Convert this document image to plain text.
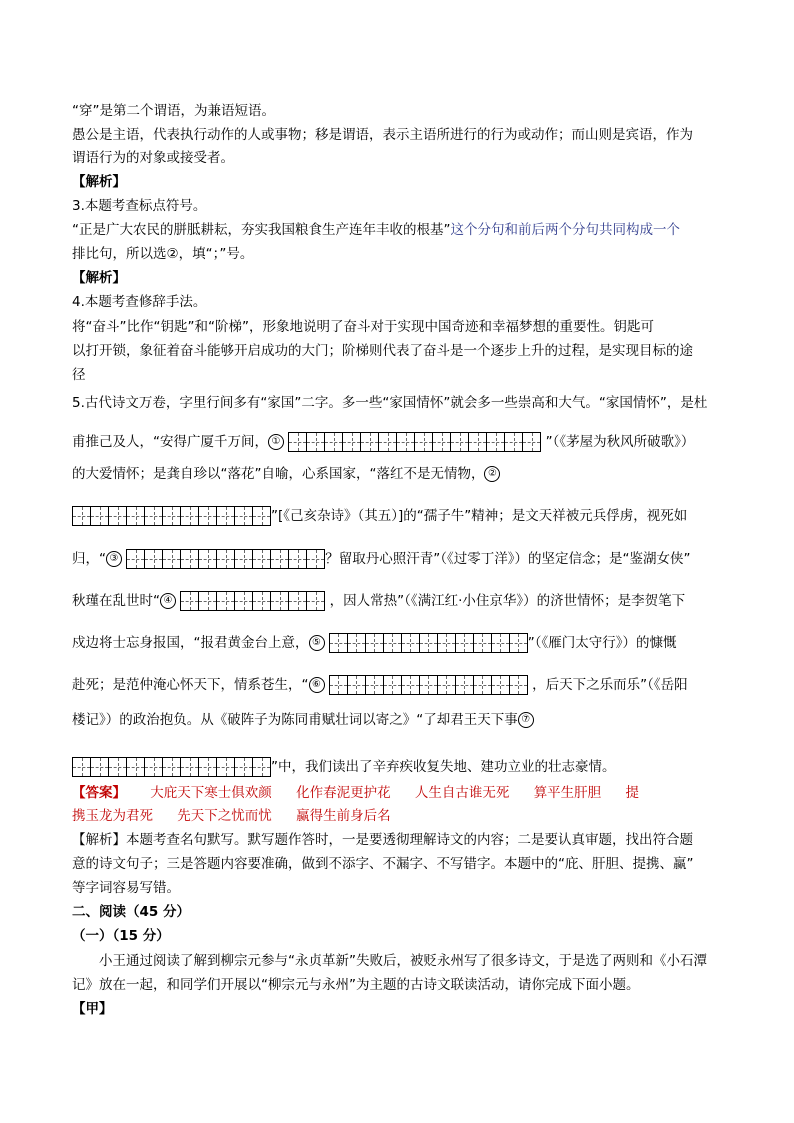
“穿”是第二个谓语，为兼语短语。
愚公是主语，代表执行动作的人或事物；移是谓语，表示主语所进行的行为或动作；而山则是宾语，作为
谓语行为的对象或接受者。
【解析】
3.本题考查标点符号。
“正是广大农民的胼胝耕耘，夯实我国粮食生产连年丰收的根基”这个分句和前后两个分句共同构成一个
排比句，所以选②，填“；”号。
【解析】
4.本题考查修辞手法。
将“奋斗”比作“钥匙”和“阶梯”，形象地说明了奋斗对于实现中国奇迹和幸福梦想的重要性。钥匙可
以打开锁，象征着奋斗能够开启成功的大门；阶梯则代表了奋斗是一个逐步上升的过程，是实现目标的途
径
5.古代诗文万卷，字里行间多有“家国”二字。多一些“家国情怀”就会多一些崇高和大气。“家国情怀”，是杜
甫推己及人，“安得广厦千万间， ①	”（《茅屋为秋风所破歌》）
的大爱情怀；是龚自珍以“落花”自喻，心系国家，“落红不是无情物， ②
”[《己亥杂诗》（其五）]的“孺子牛”精神；是文天祥被元兵俘虏，视死如
归，“ ③	？留取丹心照汗青”（《过零丁洋》）的坚定信念；是“鉴湖女侠”
秋瑾在乱世时“ ④	，因人常热”（《满江红·小住京华》）的济世情怀；是李贺笔下
戍边将士忘身报国，“报君黄金台上意， ⑤	”（《雁门太守行》）的慷慨
赴死；是范仲淹心怀天下，情系苍生，“ ⑥	，后天下之乐而乐”（《岳阳
楼记》）的政治抱负。从《破阵子为陈同甫赋壮词以寄之》“了却君王天下事 ⑦
”中，我们读出了辛弃疾收复失地、建功立业的壮志豪情。
【答案】 大庇天下寒士俱欢颜 化作春泥更护花 人生自古谁无死 算平生肝胆 提
携玉龙为君死 先天下之忧而忧 赢得生前身后名
【解析】本题考查名句默写。默写题作答时，一是要透彻理解诗文的内容；二是要认真审题，找出符合题
意的诗文句子；三是答题内容要准确，做到不添字、不漏字、不写错字。本题中的“庇、肝胆、提携、赢”
等字词容易写错。
二、阅读（45 分）
（一）（15 分）
小王通过阅读了解到柳宗元参与“永贞革新”失败后，被贬永州写了很多诗文，于是选了两则和《小石潭
记》放在一起，和同学们开展以“柳宗元与永州”为主题的古诗文联读活动，请你完成下面小题。
【甲】
